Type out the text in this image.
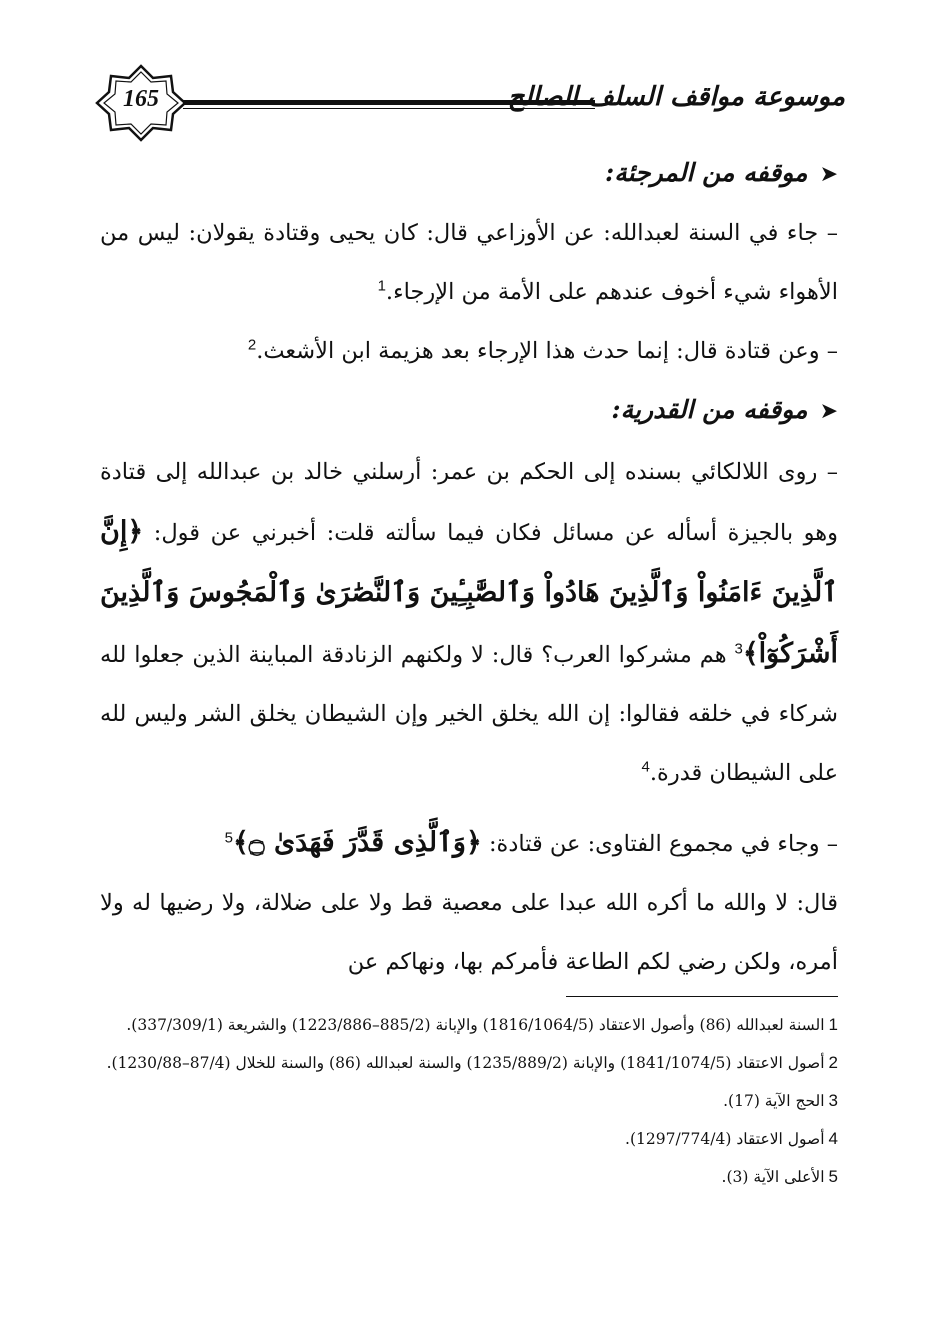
165	موسوعة مواقف السلف الصالح

➤موقفه من المرجئة:

– جاء في السنة لعبدالله: عن الأوزاعي قال: كان يحيى وقتادة يقولان: ليس من الأهواء شيء أخوف عندهم على الأمة من الإرجاء.$^1$

– وعن قتادة قال: إنما حدث هذا الإرجاء بعد هزيمة ابن الأشعث.$^2$

➤موقفه من القدرية:

– روى اللالكائي بسنده إلى الحكم بن عمر: أرسلني خالد بن عبدالله إلى قتادة وهو بالجيزة أسأله عن مسائل فكان فيما سألته قلت: أخبرني عن قول: ﴿إِنَّ ٱلَّذِينَ ءَامَنُواْ وَٱلَّذِينَ هَادُواْ وَٱلصَّٰبِـِٔينَ وَٱلنَّصَٰرَىٰ وَٱلْمَجُوسَ وَٱلَّذِينَ أَشْرَكُوٓاْ﴾$^3$ هم مشركوا العرب؟ قال: لا ولكنهم الزنادقة المباينة الذين جعلوا لله شركاء في خلقه فقالوا: إن الله يخلق الخير وإن الشيطان يخلق الشر وليس لله على الشيطان قدرة.$^4$

– وجاء في مجموع الفتاوى: عن قتادة: ﴿وَٱلَّذِى قَدَّرَ فَهَدَىٰ ۝﴾$^5$

قال: لا والله ما أكره الله عبدا على معصية قط ولا على ضلالة، ولا رضيها له ولا أمره، ولكن رضي لكم الطاعة فأمركم بها، ونهاكم عن

1السنة لعبدالله (86) وأصول الاعتقاد (1816/1064/5) والإبانة (885/2–1223/886) والشريعة (337/309/1).

2أصول الاعتقاد (1841/1074/5) والإبانة (1235/889/2) والسنة لعبدالله (86) والسنة للخلال (87/4–1230/88).

3الحج الآية (17).

4أصول الاعتقاد (1297/774/4).

5الأعلى الآية (3).
